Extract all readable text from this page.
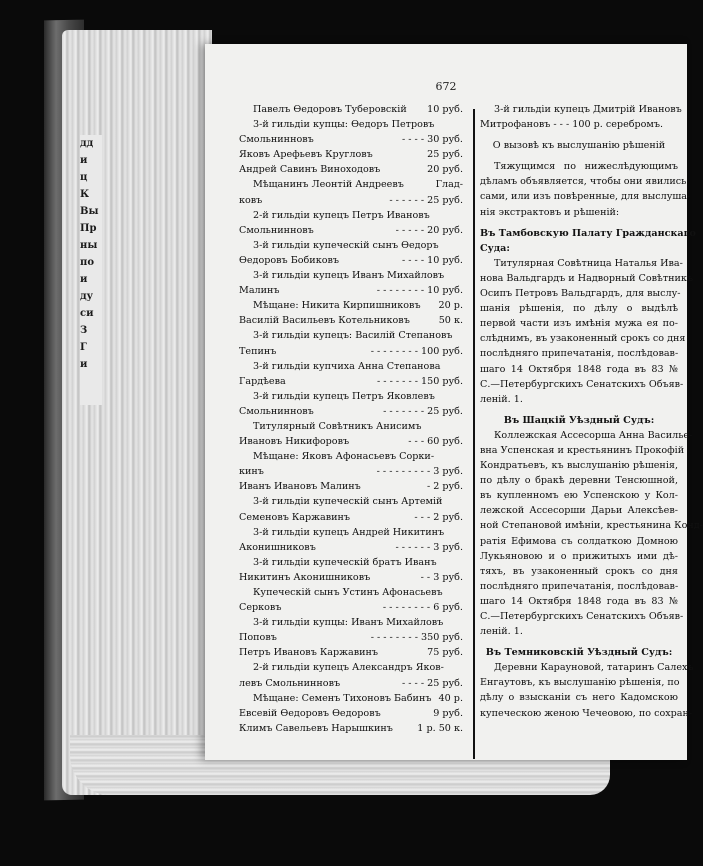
дд
и
ц
К
Вы
Пр
ны
по
и
ду
си
З
Г
и
672
Павелъ Өедоровъ Туберовскiй 10 руб.
3-й гильдiи купцы: Өедоръ Петровъ
Смольнинновъ	- - - - 30 руб.
Яковъ Арефьевъ Кругловъ	25 руб.
Андрей Савинъ Виноходовъ	20 руб.
Мѣщанинъ Леонтiй Андреевъ	Глад-
ковъ	- - - - - - 25 руб.
2-й гильдiи купецъ Петръ Ивановъ
Смольнинновъ	- - - - - 20 руб.
3-й гильдiи купеческiй сынъ Өедоръ
Өедоровъ Бобиковъ	- - - - 10 руб.
3-й гильдiи купецъ Иванъ Михайловъ
Малинъ	- - - - - - - - 10 руб.
Мѣщане: Никита Кирпишниковъ 20 р.
Василiй Васильевъ Котельниковъ	50 к.
3-й гильдiи купецъ: Василiй Степановъ
Тепинъ	- - - - - - - - 100 руб.
3-й гильдiи купчиха Анна Степанова
Гардѣева	- - - - - - - 150 руб.
3-й гильдiи купецъ Петръ Яковлевъ
Смольнинновъ	- - - - - - - 25 руб.
Титулярный Совѣтникъ Анисимъ
Ивановъ Никифоровъ	- - - 60 руб.
Мѣщане: Яковъ Афонасьевъ Сорки-
кинъ	- - - - - - - - - 3 руб.
Иванъ Ивановъ Малинъ	- 2 руб.
3-й гильдiи купеческiй сынъ Артемiй
Семеновъ Каржавинъ	- - - 2 руб.
3-й гильдiи купецъ Андрей Никитинъ
Аконишниковъ	- - - - - - 3 руб.
3-й гильдiи купеческiй братъ Иванъ
Никитинъ Аконишниковъ	- - 3 руб.
Купеческiй сынъ Устинъ Афонасьевъ
Серковъ	- - - - - - - - 6 руб.
3-й гильдiи купцы: Иванъ Михайловъ
Поповъ	- - - - - - - - 350 руб.
Петръ Ивановъ Каржавинъ	75 руб.
2-й гильдiи купецъ Александръ Яков-
левъ Смольнинновъ	- - - - 25 руб.
Мѣщане: Семенъ Тихоновъ Бабинъ 40 р.
Евсевiй Өедоровъ Өедоровъ	9 руб.
Климъ Савельевъ Нарышкинъ	1 р. 50 к.
3-й гильдiи купецъ Дмитрiй Ивановъ
Митрофановъ - - - 100 р. серебромъ.
О вызовѣ къ выслушанiю рѣшенiй
Тяжущимся по нижеслѣдующимъ
дѣламъ объявляется, чтобы они явились
сами, или изъ повѣренные, для выслуша-
нiя экстрактовъ и рѣшенiй:
Въ Тамбовскую Палату Гражданскаго
Суда:
Титулярная Совѣтница Наталья Ива-
нова Вальдгардъ и Надворный Совѣтникъ
Осипъ Петровъ Вальдгардъ, для выслу-
шанiя рѣшенiя, по дѣлу о выдѣлѣ
первой части изъ имѣнiя мужа ея по-
слѣднимъ, въ узаконенный срокъ со дня
послѣдняго припечатанiя, послѣдовав-
шаго 14 Октября 1848 года въ 83 №
С.—Петербургскихъ Сенатскихъ Объяв-
ленiй. 1.
Въ Шацкiй Уѣздный Судъ:
Коллежская Ассесорша Анна Василье-
вна Успенская и крестьянинъ Прокофiй
Кондратьевъ, къ выслушанiю рѣшенiя,
по дѣлу о бракѣ деревни Тенсюшной,
въ купленномъ ею Успенскою у Кол-
лежской Ассесорши Дарьи Алексѣев-
ной Степановой имѣнiи, крестьянина Конд-
ратiя Ефимова съ солдаткою Домною
Лукьяновою и о прижитыхъ ими дѣ-
тяхъ, въ узаконенный срокъ со дня
послѣдняго припечатанiя, послѣдовав-
шаго 14 Октября 1848 года въ 83 №
С.—Петербургскихъ Сенатскихъ Объяв-
ленiй. 1.
Въ Темниковскiй Уѣздный Судъ:
Деревни Карауновой, татаринъ Салехъ
Енгаутовъ, къ выслушанiю рѣшенiя, по
дѣлу о взысканiи съ него Кадомскою
купеческою женою Чечеовою, по сохран-
